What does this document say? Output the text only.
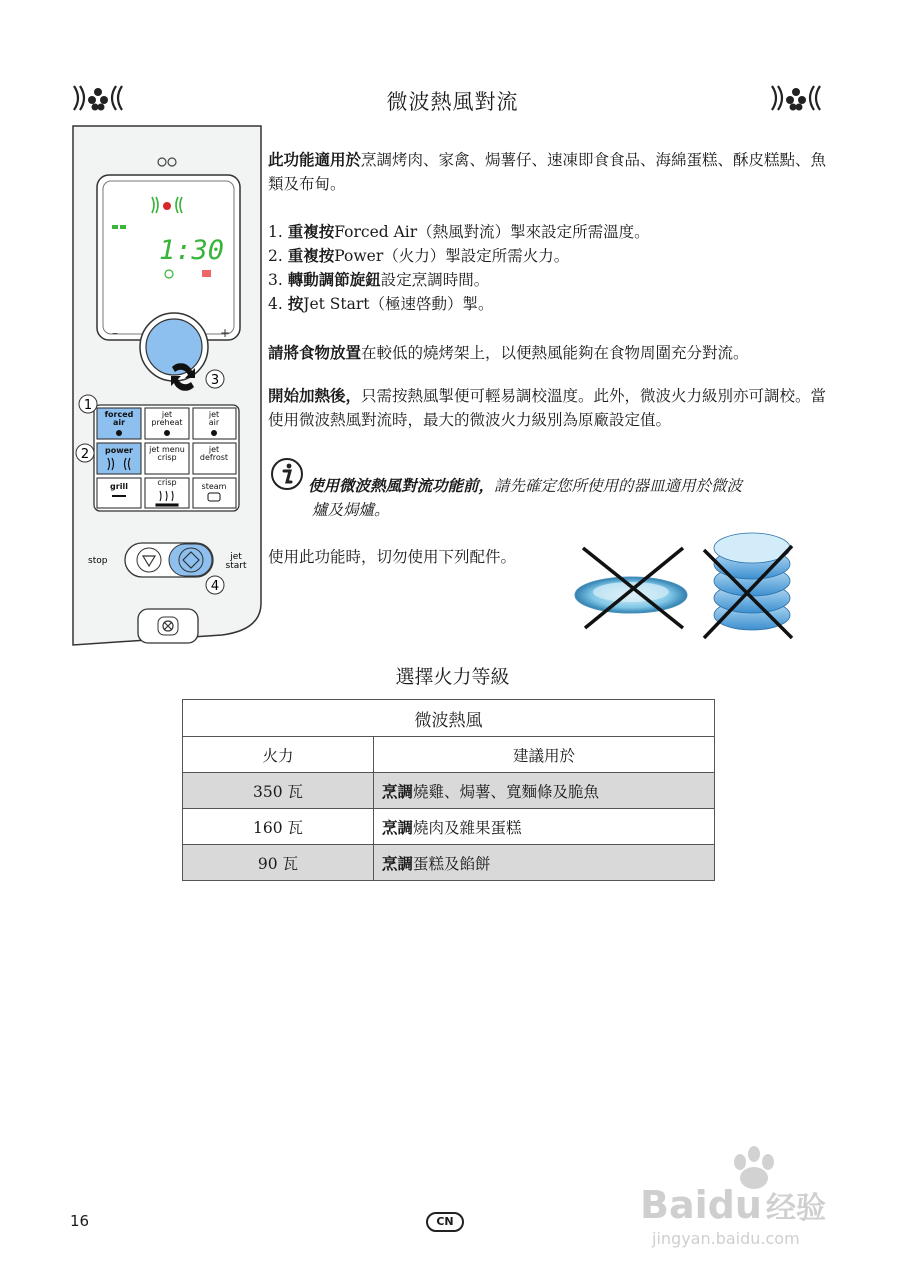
微波熱風對流
1:30
–	+
3
forced
air
jet
preheat
jet
air
power jet menu
crisp
jet
defrost
grill	crisp	steam
1
2
stop	jet
start
4
此功能適用於烹調烤肉、家禽、焗薯仔、速凍即食食品、海綿蛋糕、酥皮糕點、魚類及布甸。
1. 重複按Forced Air（熱風對流）掣來設定所需溫度。
2. 重複按Power（火力）掣設定所需火力。
3. 轉動調節旋鈕設定烹調時間。
4. 按Jet Start（極速啓動）掣。
請將食物放置在較低的燒烤架上，以便熱風能夠在食物周圍充分對流。
開始加熱後，只需按熱風掣便可輕易調校溫度。此外，微波火力級別亦可調校。當使用微波熱風對流時，最大的微波火力級別為原廠設定值。
使用微波熱風對流功能前，請先確定您所使用的器皿適用於微波
爐及焗爐。
使用此功能時，切勿使用下列配件。
選擇火力等級
微波熱風	
火力	建議用於
350 瓦	烹調燒雞、焗薯、寬麵條及脆魚
160 瓦	烹調燒肉及雜果蛋糕
90 瓦	烹調蛋糕及餡餅
16	CN	Baidu 经验
jingyan.baidu.com
